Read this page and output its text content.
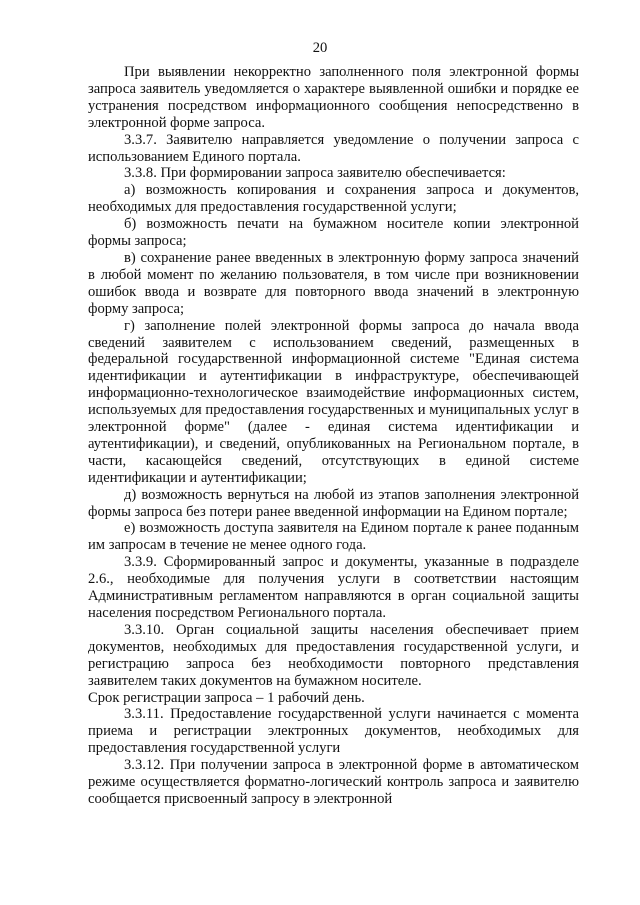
20

При выявлении некорректно заполненного поля электронной формы запроса заявитель уведомляется о характере выявленной ошибки и порядке ее устранения посредством информационного сообщения непосредственно в электронной форме запроса.

3.3.7. Заявителю направляется уведомление о получении запроса с использованием Единого портала.

3.3.8. При формировании запроса заявителю обеспечивается:

а) возможность копирования и сохранения запроса и документов, необходимых для предоставления государственной услуги;

б) возможность печати на бумажном носителе копии электронной формы запроса;

в) сохранение ранее введенных в электронную форму запроса значений в любой момент по желанию пользователя, в том числе при возникновении ошибок ввода и возврате для повторного ввода значений в электронную форму запроса;

г) заполнение полей электронной формы запроса до начала ввода сведений заявителем с использованием сведений, размещенных в федеральной государственной информационной системе "Единая система идентификации и аутентификации в инфраструктуре, обеспечивающей информационно-технологическое взаимодействие информационных систем, используемых для предоставления государственных и муниципальных услуг в электронной форме" (далее - единая система идентификации и аутентификации), и сведений, опубликованных на Региональном портале, в части, касающейся сведений, отсутствующих в единой системе идентификации и аутентификации;

д) возможность вернуться на любой из этапов заполнения электронной формы запроса без потери ранее введенной информации на Едином портале;

е) возможность доступа заявителя на Едином портале к ранее поданным им запросам в течение не менее одного года.

3.3.9. Сформированный запрос и документы, указанные в подразделе 2.6., необходимые для получения услуги в соответствии настоящим Административным регламентом направляются в орган социальной защиты населения посредством Регионального портала.

3.3.10. Орган социальной защиты населения обеспечивает прием документов, необходимых для предоставления государственной услуги, и регистрацию запроса без необходимости повторного представления заявителем таких документов на бумажном носителе.

Срок регистрации запроса – 1 рабочий день.

3.3.11. Предоставление государственной услуги начинается с момента приема и регистрации электронных документов, необходимых для предоставления государственной услуги

3.3.12. При получении запроса в электронной форме в автоматическом режиме осуществляется форматно-логический контроль запроса и заявителю сообщается присвоенный запросу в электронной
